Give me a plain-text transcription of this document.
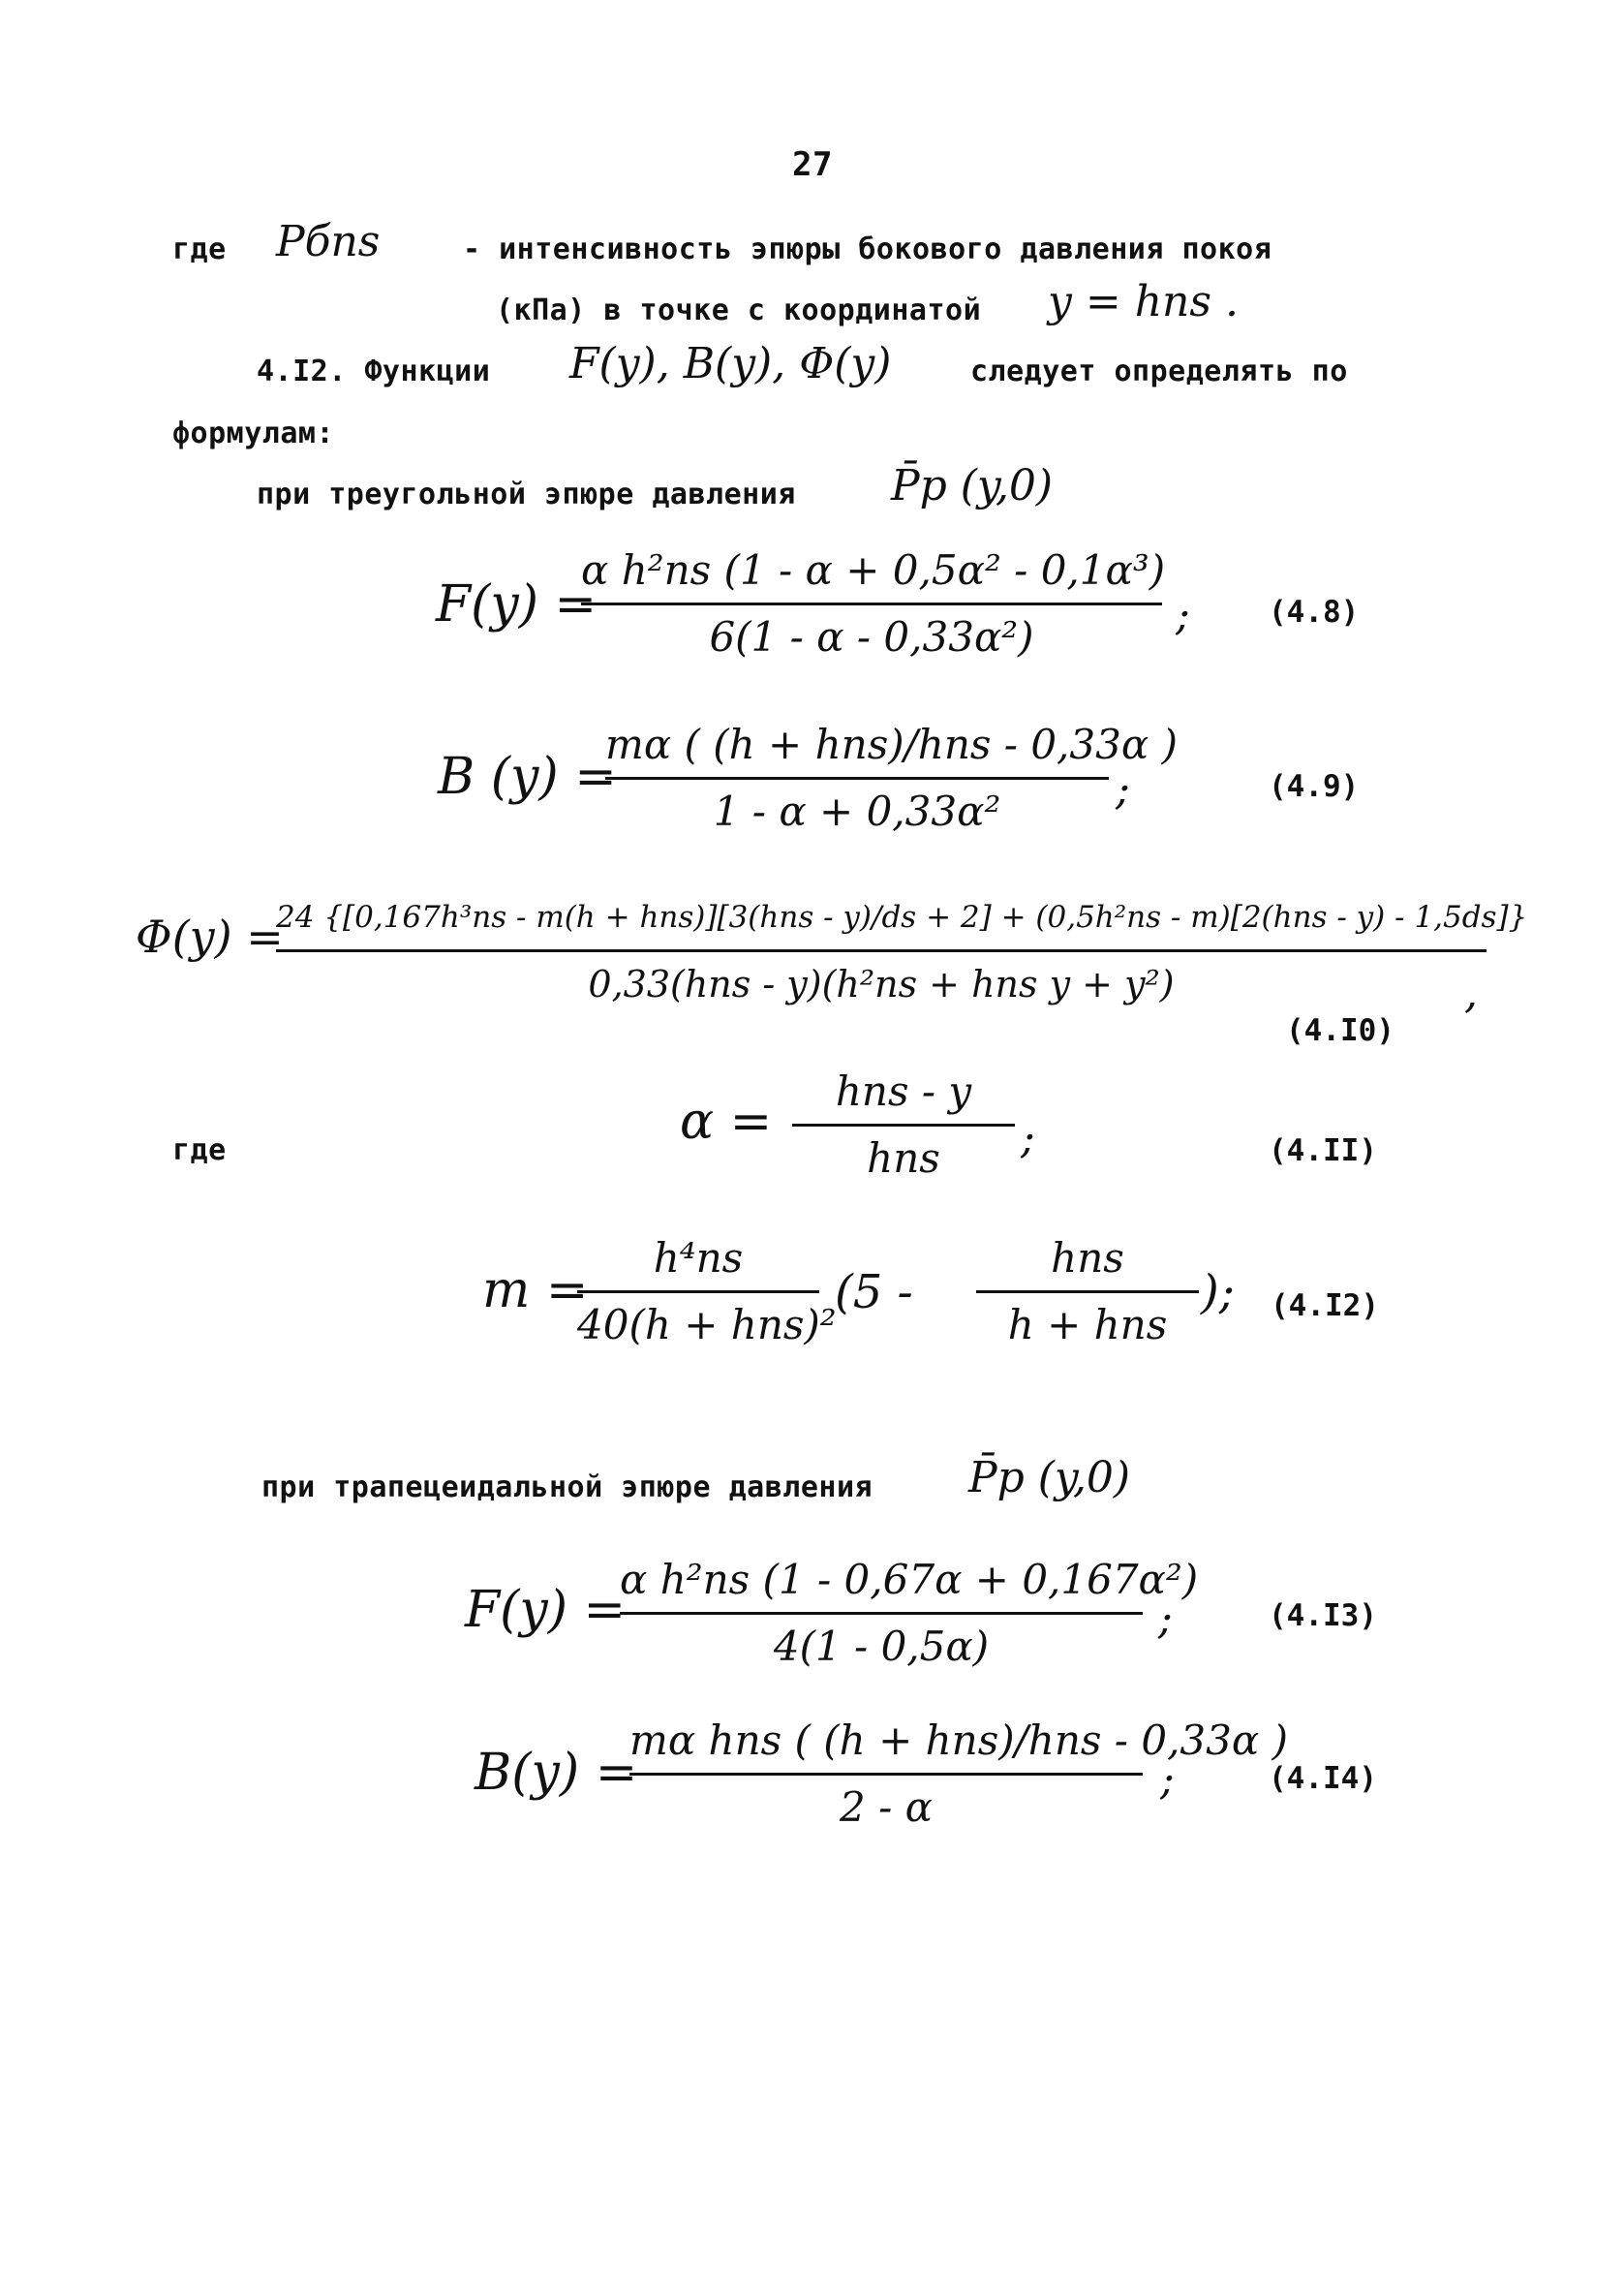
27
где Pбns	- интенсивность эпюры бокового давления покоя
(кПа) в точке с координатой y = hns .
4.I2. Функции F(y), B(y), Φ(y)	следует определять по
формулам:
при треугольной эпюре давления P̄p (y,0)
F(y) =
α h²ns (1 - α + 0,5α² - 0,1α³)
6(1 - α - 0,33α²)	;	(4.8)
B (y) =
mα ( (h + hns)/hns - 0,33α )
1 - α + 0,33α²	;	(4.9)
Φ(y) =
24 {[0,167h³ns - m(h + hns)][3(hns - y)/ds + 2] + (0,5h²ns - m)[2(hns - y) - 1,5ds]}
0,33(hns - y)(h²ns + hns y + y²)	,
(4.I0)
где	α =
hns - y
hns	;	(4.II)
m =
h⁴ns
40(h + hns)²
(5 -
hns
h + hns
); (4.I2)
при трапецеидальной эпюре давления P̄p (y,0)
F(y) =
α h²ns (1 - 0,67α + 0,167α²)
4(1 - 0,5α)
;	(4.I3)
B(y) =
mα hns ( (h + hns)/hns - 0,33α )
2 - α
;	(4.I4)
